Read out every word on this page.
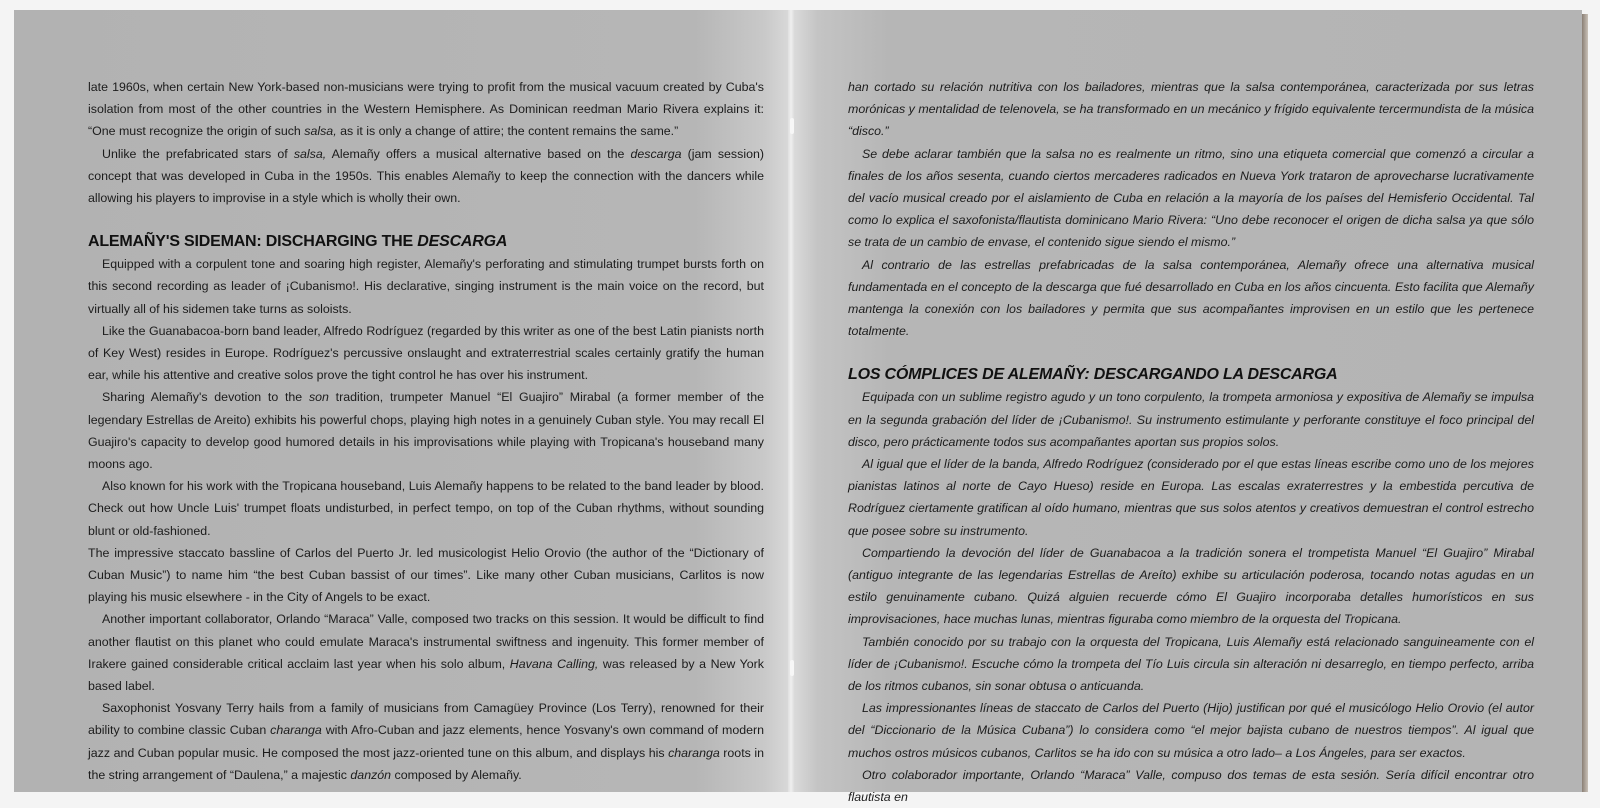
late 1960s, when certain New York-based non-musicians were trying to profit from the musical vacuum created by Cuba's isolation from most of the other countries in the Western Hemisphere. As Dominican reedman Mario Rivera explains it: “One must recognize the origin of such salsa, as it is only a change of attire; the content remains the same.”

Unlike the prefabricated stars of salsa, Alemañy offers a musical alternative based on the descarga (jam session) concept that was developed in Cuba in the 1950s. This enables Alemañy to keep the connection with the dancers while allowing his players to improvise in a style which is wholly their own.

ALEMAÑY'S SIDEMAN: DISCHARGING THE DESCARGA

Equipped with a corpulent tone and soaring high register, Alemañy's perforating and stimulating trumpet bursts forth on this second recording as leader of ¡Cubanismo!. His declarative, singing instrument is the main voice on the record, but virtually all of his sidemen take turns as soloists.

Like the Guanabacoa-born band leader, Alfredo Rodríguez (regarded by this writer as one of the best Latin pianists north of Key West) resides in Europe. Rodríguez's percussive onslaught and extraterrestrial scales certainly gratify the human ear, while his attentive and creative solos prove the tight control he has over his instrument.

Sharing Alemañy's devotion to the son tradition, trumpeter Manuel “El Guajiro” Mirabal (a former member of the legendary Estrellas de Areito) exhibits his powerful chops, playing high notes in a genuinely Cuban style. You may recall El Guajiro's capacity to develop good humored details in his improvisations while playing with Tropicana's houseband many moons ago.

Also known for his work with the Tropicana houseband, Luis Alemañy happens to be related to the band leader by blood. Check out how Uncle Luis' trumpet floats undisturbed, in perfect tempo, on top of the Cuban rhythms, without sounding blunt or old-fashioned.

The impressive staccato bassline of Carlos del Puerto Jr. led musicologist Helio Orovio (the author of the “Dictionary of Cuban Music”) to name him “the best Cuban bassist of our times”. Like many other Cuban musicians, Carlitos is now playing his music elsewhere - in the City of Angels to be exact.

Another important collaborator, Orlando “Maraca” Valle, composed two tracks on this session. It would be difficult to find another flautist on this planet who could emulate Maraca's instrumental swiftness and ingenuity. This former member of Irakere gained considerable critical acclaim last year when his solo album, Havana Calling, was released by a New York based label.

Saxophonist Yosvany Terry hails from a family of musicians from Camagüey Province (Los Terry), renowned for their ability to combine classic Cuban charanga with Afro-Cuban and jazz elements, hence Yosvany's own command of modern jazz and Cuban popular music. He composed the most jazz-oriented tune on this album, and displays his charanga roots in the string arrangement of “Daulena,” a majestic danzón composed by Alemañy.

han cortado su relación nutritiva con los bailadores, mientras que la salsa contemporánea, caracterizada por sus letras morónicas y mentalidad de telenovela, se ha transformado en un mecánico y frígido equivalente tercermundista de la música “disco.”

Se debe aclarar también que la salsa no es realmente un ritmo, sino una etiqueta comercial que comenzó a circular a finales de los años sesenta, cuando ciertos mercaderes radicados en Nueva York trataron de aprovecharse lucrativamente del vacío musical creado por el aislamiento de Cuba en relación a la mayoría de los países del Hemisferio Occidental. Tal como lo explica el saxofonista/flautista dominicano Mario Rivera: “Uno debe reconocer el origen de dicha salsa ya que sólo se trata de un cambio de envase, el contenido sigue siendo el mismo.”

Al contrario de las estrellas prefabricadas de la salsa contemporánea, Alemañy ofrece una alternativa musical fundamentada en el concepto de la descarga que fué desarrollado en Cuba en los años cincuenta. Esto facilita que Alemañy mantenga la conexión con los bailadores y permita que sus acompañantes improvisen en un estilo que les pertenece totalmente.

LOS CÓMPLICES DE ALEMAÑY: DESCARGANDO LA DESCARGA

Equipada con un sublime registro agudo y un tono corpulento, la trompeta armoniosa y expositiva de Alemañy se impulsa en la segunda grabación del líder de ¡Cubanismo!. Su instrumento estimulante y perforante constituye el foco principal del disco, pero prácticamente todos sus acompañantes aportan sus propios solos.

Al igual que el líder de la banda, Alfredo Rodríguez (considerado por el que estas líneas escribe como uno de los mejores pianistas latinos al norte de Cayo Hueso) reside en Europa. Las escalas exraterrestres y la embestida percutiva de Rodríguez ciertamente gratifican al oído humano, mientras que sus solos atentos y creativos demuestran el control estrecho que posee sobre su instrumento.

Compartiendo la devoción del líder de Guanabacoa a la tradición sonera el trompetista Manuel “El Guajiro” Mirabal (antiguo integrante de las legendarias Estrellas de Areíto) exhibe su articulación poderosa, tocando notas agudas en un estilo genuinamente cubano. Quizá alguien recuerde cómo El Guajiro incorporaba detalles humorísticos en sus improvisaciones, hace muchas lunas, mientras figuraba como miembro de la orquesta del Tropicana.

También conocido por su trabajo con la orquesta del Tropicana, Luis Alemañy está relacionado sanguineamente con el líder de ¡Cubanismo!. Escuche cómo la trompeta del Tío Luis circula sin alteración ni desarreglo, en tiempo perfecto, arriba de los ritmos cubanos, sin sonar obtusa o anticuanda.

Las impressionantes líneas de staccato de Carlos del Puerto (Hijo) justifican por qué el musicólogo Helio Orovio (el autor del “Diccionario de la Música Cubana”) lo considera como “el mejor bajista cubano de nuestros tiempos”. Al igual que muchos ostros músicos cubanos, Carlitos se ha ido con su música a otro lado– a Los Ángeles, para ser exactos.

Otro colaborador importante, Orlando “Maraca” Valle, compuso dos temas de esta sesión. Sería difícil encontrar otro flautista en
